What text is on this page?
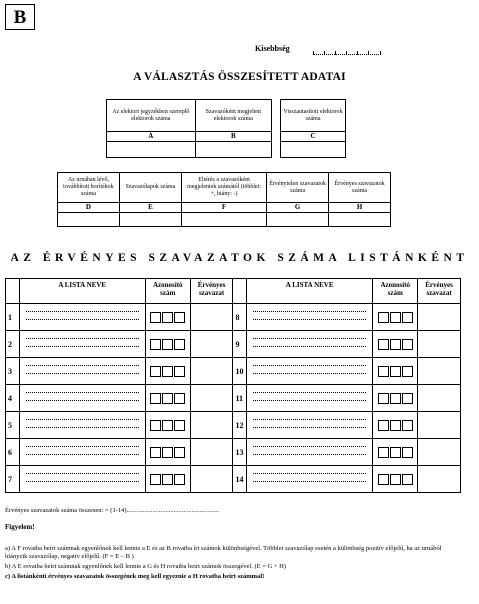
B
Kisebbség
A VÁLASZTÁS ÖSSZESÍTETT ADATAI
Az elektori jegyzékben szereplő elektorok száma	Szavazóként megjelent elektorok száma
A	B

Visszautasított elektorok száma
C

Az urnában lévő, továbbított borítékok száma	Szavazólapok száma	Eltérés a szavazóként megjelentek számától (többlet: +, hiány: -)	Érvénytelen szavazatok száma	Érvényes szavazatok száma
D	E	F	G	H

AZ ÉRVÉNYES SZAVAZATOK SZÁMA LISTÁNKÉNT
	A LISTA NEVE	Azonosító szám	Érvényes szavazat		A LISTA NEVE	Azonosító szám	Érvényes szavazat
1				8	

2				9	

3				10	

4				11	

5				12	

6				13	

7				14	

Érvényes szavazatok száma összesen: = (1-14).........................................................
Figyelem!
a) A F rovatba beírt számnak egyenlőnek kell lennie a E és az B rovatba írt számok különbségével. Többlet szavazólap esetén a különbség pozitív előjelű, ha az urnából hiányzik szavazólap, negatív előjelű. (F = E – B )
b) A E rovatba beírt számnak egyenlőnek kell lennie a G és H rovatba beírt számok összegével. (E = G + H)
c) A listánkénti érvényes szavazatok összegének meg kell egyeznie a H rovatba beírt számmal!
